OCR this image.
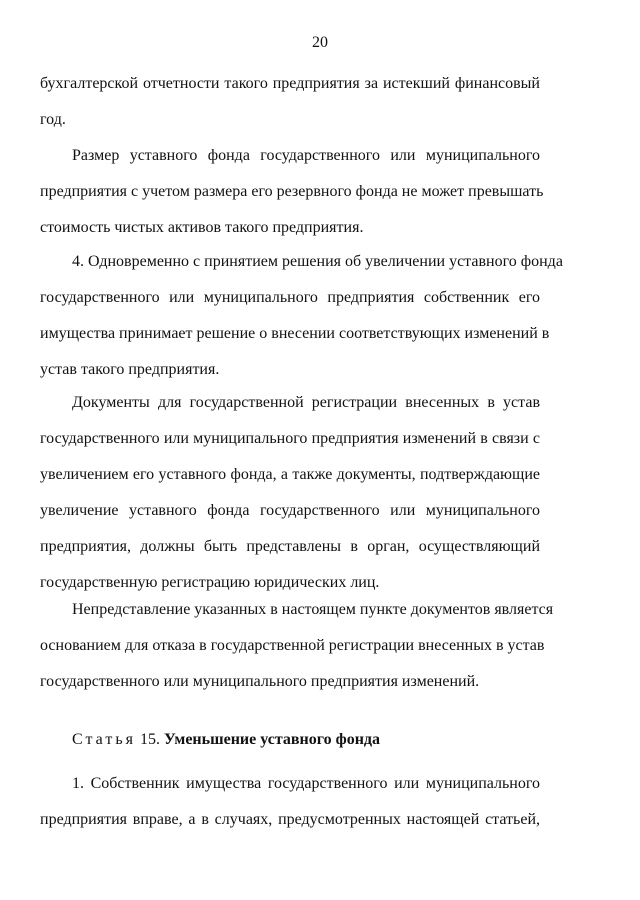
20
бухгалтерской отчетности такого предприятия за истекший финансовый
год.
Размер уставного фонда государственного или муниципального
предприятия с учетом размера его резервного фонда не может превышать
стоимость чистых активов такого предприятия.
4. Одновременно с принятием решения об увеличении уставного фонда
государственного или муниципального предприятия собственник его
имущества принимает решение о внесении соответствующих изменений в
устав такого предприятия.
Документы для государственной регистрации внесенных в устав
государственного или муниципального предприятия изменений в связи с
увеличением его уставного фонда, а также документы, подтверждающие
увеличение уставного фонда государственного или муниципального
предприятия, должны быть представлены в орган, осуществляющий
государственную регистрацию юридических лиц.
Непредставление указанных в настоящем пункте документов является
основанием для отказа в государственной регистрации внесенных в устав
государственного или муниципального предприятия изменений.
Статья 15. Уменьшение уставного фонда
1. Собственник имущества государственного или муниципального
предприятия вправе, а в случаях, предусмотренных настоящей статьей,
